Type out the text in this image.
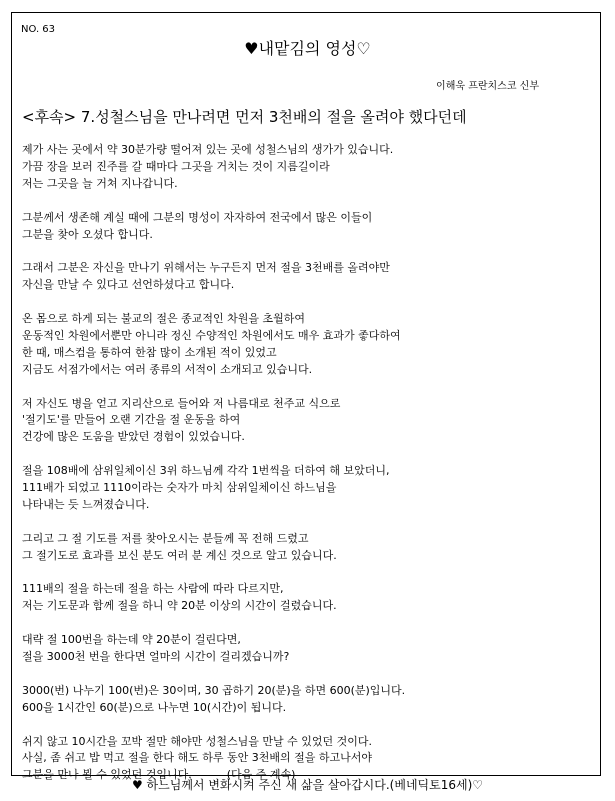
NO. 63
♥내맡김의 영성♡
이해욱 프란치스코 신부
<후속> 7.성철스님을 만나려면 먼저 3천배의 절을 올려야 했다던데

제가 사는 곳에서 약 30분가량 떨어져 있는 곳에 성철스님의 생가가 있습니다.
가끔 장을 보러 진주를 갈 때마다 그곳을 거치는 것이 지름길이라
저는 그곳을 늘 거쳐 지나갑니다.

그분께서 생존해 계실 때에 그분의 명성이 자자하여 전국에서 많은 이들이
그분을 찾아 오셨다 합니다.

그래서 그분은 자신을 만나기 위해서는 누구든지 먼저 절을 3천배를 올려야만
자신을 만날 수 있다고 선언하셨다고 합니다.

온 몸으로 하게 되는 불교의 절은 종교적인 차원을 초월하여
운동적인 차원에서뿐만 아니라 정신 수양적인 차원에서도 매우 효과가 좋다하여
한 때, 매스컴을 통하여 한참 많이 소개된 적이 있었고
지금도 서점가에서는 여러 종류의 서적이 소개되고 있습니다.

저 자신도 병을 얻고 지리산으로 들어와 저 나름대로 천주교 식으로
'절기도'를 만들어 오랜 기간을 절 운동을 하여
건강에 많은 도움을 받았던 경험이 있었습니다.

절을 108배에 삼위일체이신 3위 하느님께 각각 1번씩을 더하여 해 보았더니,
111배가 되었고 1110이라는 숫자가 마치 삼위일체이신 하느님을
나타내는 듯 느껴졌습니다.

그리고 그 절 기도를 저를 찾아오시는 분들께 꼭 전해 드렸고
그 절기도로 효과를 보신 분도 여러 분 계신 것으로 알고 있습니다.

111배의 절을 하는데 절을 하는 사람에 따라 다르지만,
저는 기도문과 함께 절을 하니 약 20분 이상의 시간이 걸렸습니다.

대략 절 100번을 하는데 약 20분이 걸린다면,
절을 3000천 번을 한다면 얼마의 시간이 걸리겠습니까?

3000(번) 나누기 100(번)은 30이며, 30 곱하기 20(분)을 하면 600(분)입니다.
600을 1시간인 60(분)으로 나누면 10(시간)이 됩니다.

쉬지 않고 10시간을 꼬박 절만 해야만 성철스님을 만날 수 있었던 것이다.
사실, 좀 쉬고 밥 먹고 절을 한다 해도 하루 동안 3천배의 절을 하고나서야
그분을 만나 뵐 수 있었던 것입니다.          (다음 주 계속)

♥ 하느님께서 변화시켜 주신 새 삶을 살아갑시다.(베네딕토16세)♡
